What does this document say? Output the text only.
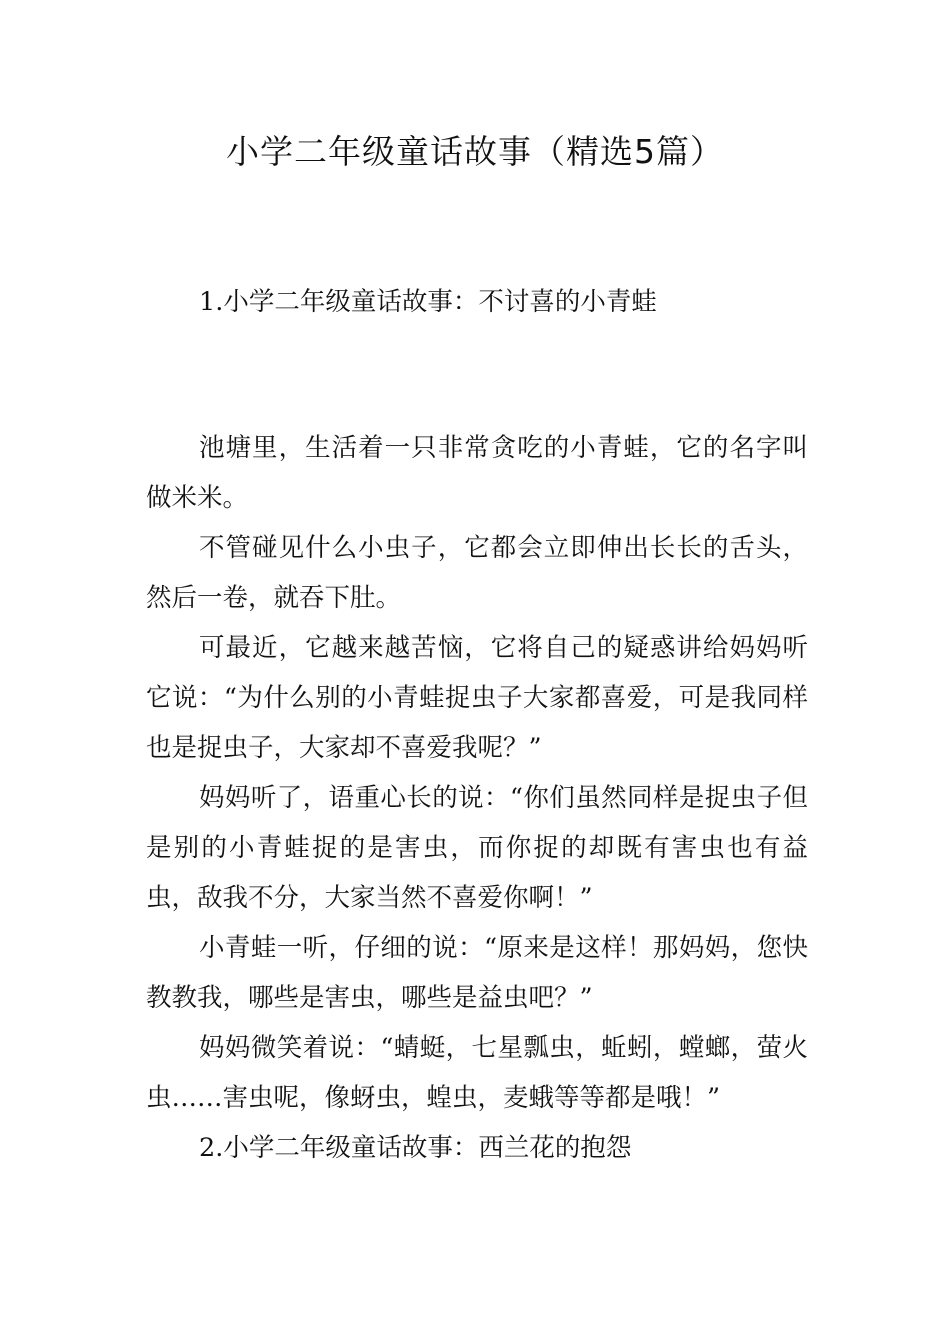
小学二年级童话故事（精选5篇）

1.小学二年级童话故事：不讨喜的小青蛙

池塘里，生活着一只非常贪吃的小青蛙，它的名字叫做米米。

不管碰见什么小虫子，它都会立即伸出长长的舌头，然后一卷，就吞下肚。

可最近，它越来越苦恼，它将自己的疑惑讲给妈妈听它说：“为什么别的小青蛙捉虫子大家都喜爱，可是我同样也是捉虫子，大家却不喜爱我呢？”

妈妈听了，语重心长的说：“你们虽然同样是捉虫子但是别的小青蛙捉的是害虫，而你捉的却既有害虫也有益虫，敌我不分，大家当然不喜爱你啊！”

小青蛙一听，仔细的说：“原来是这样！那妈妈，您快教教我，哪些是害虫，哪些是益虫吧？”

妈妈微笑着说：“蜻蜓，七星瓢虫，蚯蚓，螳螂，萤火虫……害虫呢，像蚜虫，蝗虫，麦蛾等等都是哦！”

2.小学二年级童话故事：西兰花的抱怨
